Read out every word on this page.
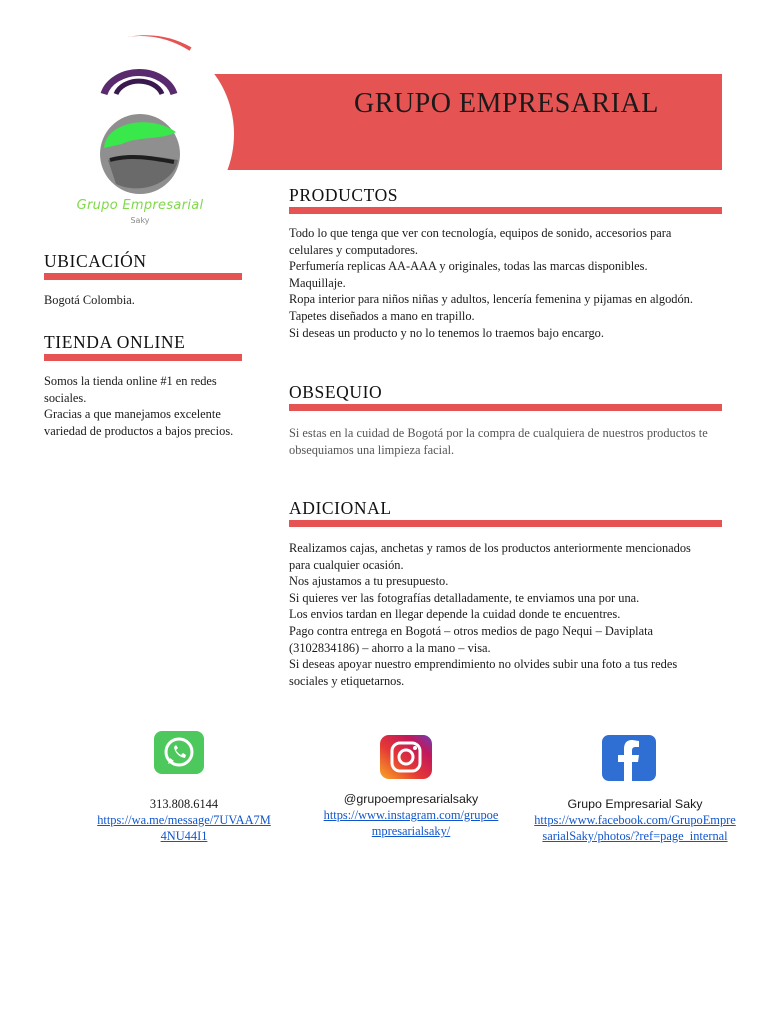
GRUPO EMPRESARIAL
Grupo Empresarial
Saky
UBICACIÓN
Bogotá Colombia.
TIENDA ONLINE

Somos la tienda online #1 en redes sociales.

Gracias a que manejamos excelente variedad de productos a bajos precios.

PRODUCTOS

Todo lo que tenga que ver con tecnología, equipos de sonido, accesorios para celulares y computadores.

Perfumería replicas AA-AAA y originales, todas las marcas disponibles.

Maquillaje.

Ropa interior para niños niñas y adultos, lencería femenina y pijamas en algodón.

Tapetes diseñados a mano en trapillo.

Si deseas un producto y no lo tenemos lo traemos bajo encargo.

OBSEQUIO
Si estas en la cuidad de Bogotá por la compra de cualquiera de nuestros productos te obsequiamos una limpieza facial.
ADICIONAL

Realizamos cajas, anchetas y ramos de los productos anteriormente mencionados para cualquier ocasión.

Nos ajustamos a tu presupuesto.

Si quieres ver las fotografías detalladamente, te enviamos una por una.

Los envios tardan en llegar depende la cuidad donde te encuentres.

Pago contra entrega en Bogotá – otros medios de pago Nequi – Daviplata (3102834186) – ahorro a la mano – visa.

Si deseas apoyar nuestro emprendimiento no olvides subir una foto a tus redes sociales y etiquetarnos.

313.808.6144
https://wa.me/message/7UVAA7M4NU44I1
@grupoempresarialsaky
https://www.instagram.com/grupoempresarialsaky/
Grupo Empresarial Saky
https://www.facebook.com/GrupoEmpresarialSaky/photos/?ref=page_internal
